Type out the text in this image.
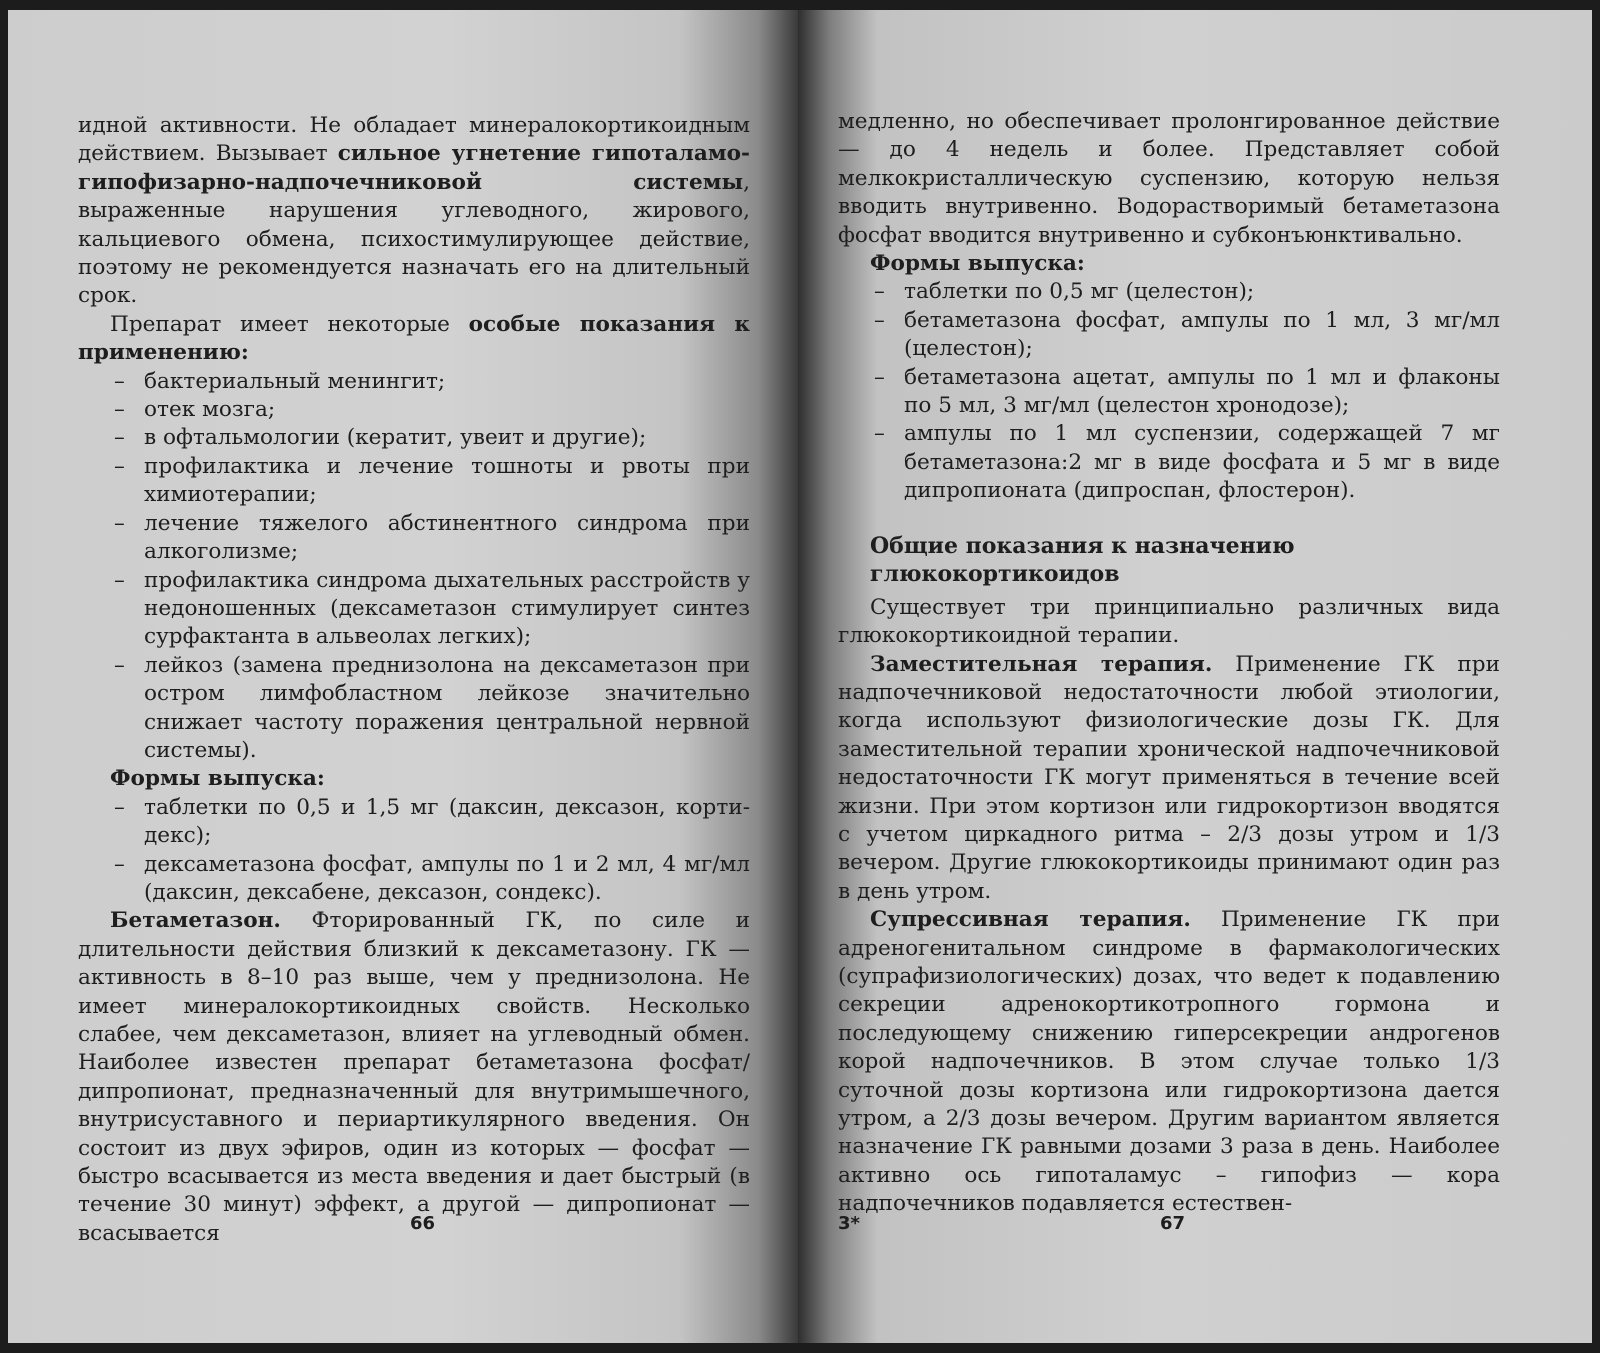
идной активности. Не обладает минералокортикоидным действием. Вызывает сильное угнетение гипоталамо-гипофизарно-надпочечниковой системы, выраженные нарушения углеводного, жирового, кальциевого обмена, психостимулирующее действие, поэтому не рекомендуется назначать его на длительный срок.

Препарат имеет некоторые особые показания к применению:

– бактериальный менингит;
– отек мозга;
– в офтальмологии (кератит, увеит и другие);
– профилактика и лечение тошноты и рвоты при химиотерапии;
– лечение тяжелого абстинентного синдрома при алкоголизме;
– профилактика синдрома дыхательных расстройств у недоношенных (дексаметазон стимулирует синтез сурфактанта в альвеолах легких);
– лейкоз (замена преднизолона на дексаметазон при остром лимфобластном лейкозе значительно снижает частоту поражения центральной нервной системы).

Формы выпуска:

– таблетки по 0,5 и 1,5 мг (даксин, дексазон, кортидекс);
– дексаметазона фосфат, ампулы по 1 и 2 мл, 4 мг/мл (даксин, дексабене, дексазон, сондекс).

Бетаметазон. Фторированный ГК, по силе и длительности действия близкий к дексаметазону. ГК — активность в 8–10 раз выше, чем у преднизолона. Не имеет минералокортикоидных свойств. Несколько слабее, чем дексаметазон, влияет на углеводный обмен. Наиболее известен препарат бетаметазона фосфат/дипропионат, предназначенный для внутримышечного, внутрисуставного и периартикулярного введения. Он состоит из двух эфиров, один из которых — фосфат — быстро всасывается из места введения и дает быстрый (в течение 30 минут) эффект, а другой — дипропионат — всасывается	66

медленно, но обеспечивает пролонгированное действие — до 4 недель и более. Представляет собой мелкокристаллическую суспензию, которую нельзя вводить внутривенно. Водорастворимый бетаметазона фосфат вводится внутривенно и субконъюнктивально.

Формы выпуска:

– таблетки по 0,5 мг (целестон);
– бетаметазона фосфат, ампулы по 1 мл, 3 мг/мл (целестон);
– бетаметазона ацетат, ампулы по 1 мл и флаконы по 5 мл, 3 мг/мл (целестон хронодозе);
– ампулы по 1 мл суспензии, содержащей 7 мг бетаметазона:2 мг в виде фосфата и 5 мг в виде дипропионата (дипроспан, флостерон).
Общие показания к назначению глюкокортикоидов

Существует три принципиально различных вида глюкокортикоидной терапии.

Заместительная терапия. Применение ГК при надпочечниковой недостаточности любой этиологии, когда используют физиологические дозы ГК. Для заместительной терапии хронической надпочечниковой недостаточности ГК могут применяться в течение всей жизни. При этом кортизон или гидрокортизон вводятся с учетом циркадного ритма – 2/3 дозы утром и 1/3 вечером. Другие глюкокортикоиды принимают один раз в день утром.

Супрессивная терапия. Применение ГК при адреногенитальном синдроме в фармакологических (супрафизиологических) дозах, что ведет к подавлению секреции адренокортикотропного гормона и последующему снижению гиперсекреции андрогенов корой надпочечников. В этом случае только 1/3 суточной дозы кортизона или гидрокортизона дается утром, а 2/3 дозы вечером. Другим вариантом является назначение ГК равными дозами 3 раза в день. Наиболее активно ось гипоталамус – гипофиз — кора надпочечников подавляется естествен-

3*	67
